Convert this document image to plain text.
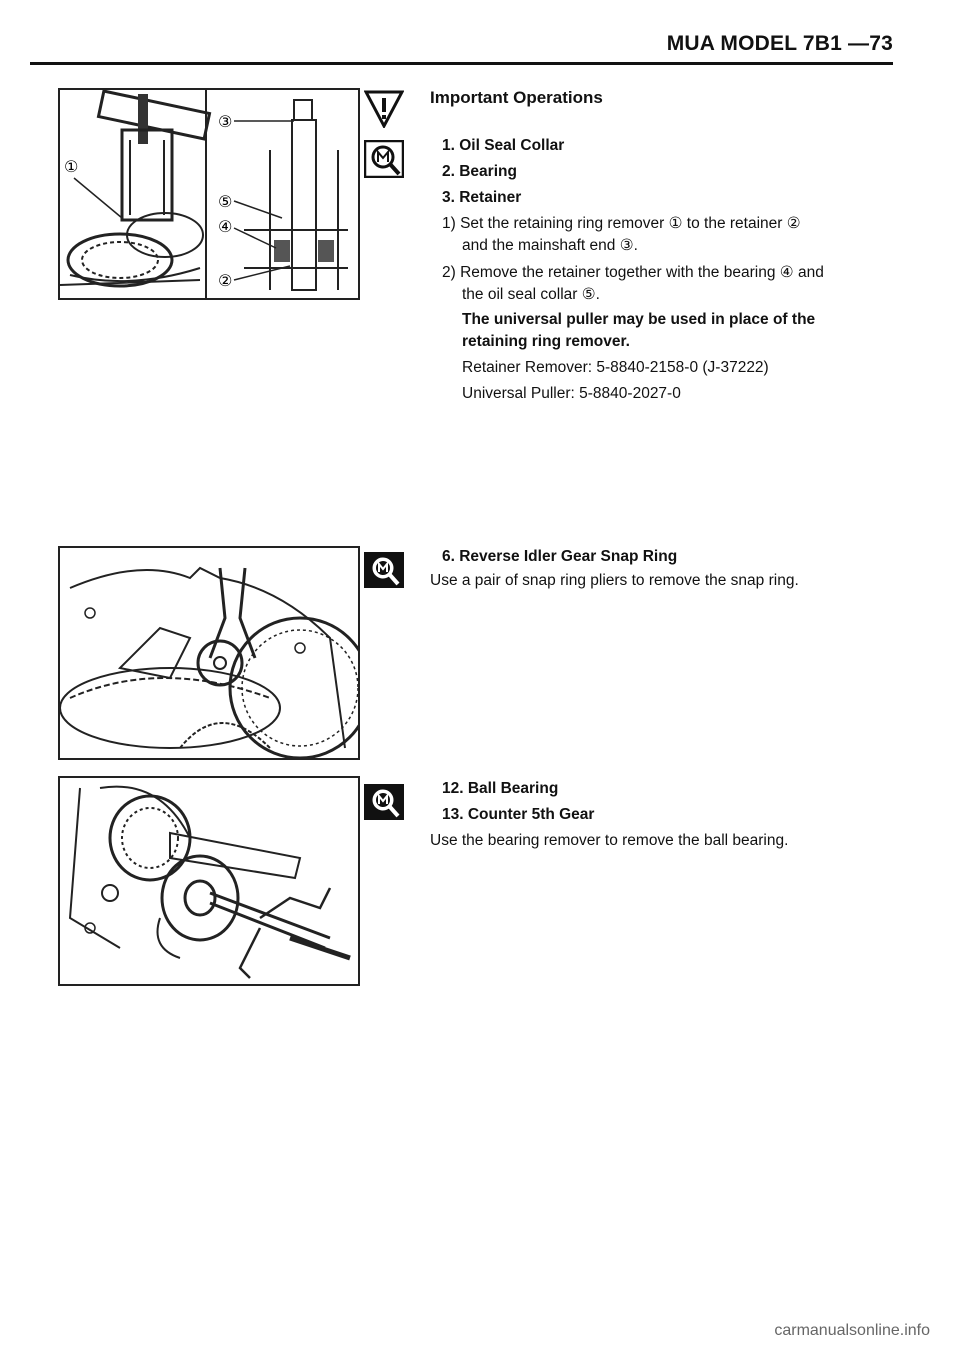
MUA MODEL 7B1 —73
①
③
⑤
④
②
Important Operations
1. Oil Seal Collar
2. Bearing
3. Retainer
1) Set the retaining ring remover ① to the retainer ②
and the mainshaft end ③.
2) Remove the retainer together with the bearing ④ and
the oil seal collar ⑤.
The universal puller may be used in place of the
retaining ring remover.
Retainer Remover: 5-8840-2158-0 (J-37222)
Universal Puller: 5-8840-2027-0
6. Reverse Idler Gear Snap Ring
Use a pair of snap ring pliers to remove the snap ring.
12. Ball Bearing
13. Counter 5th Gear
Use the bearing remover to remove the ball bearing.
carmanualsonline.info
